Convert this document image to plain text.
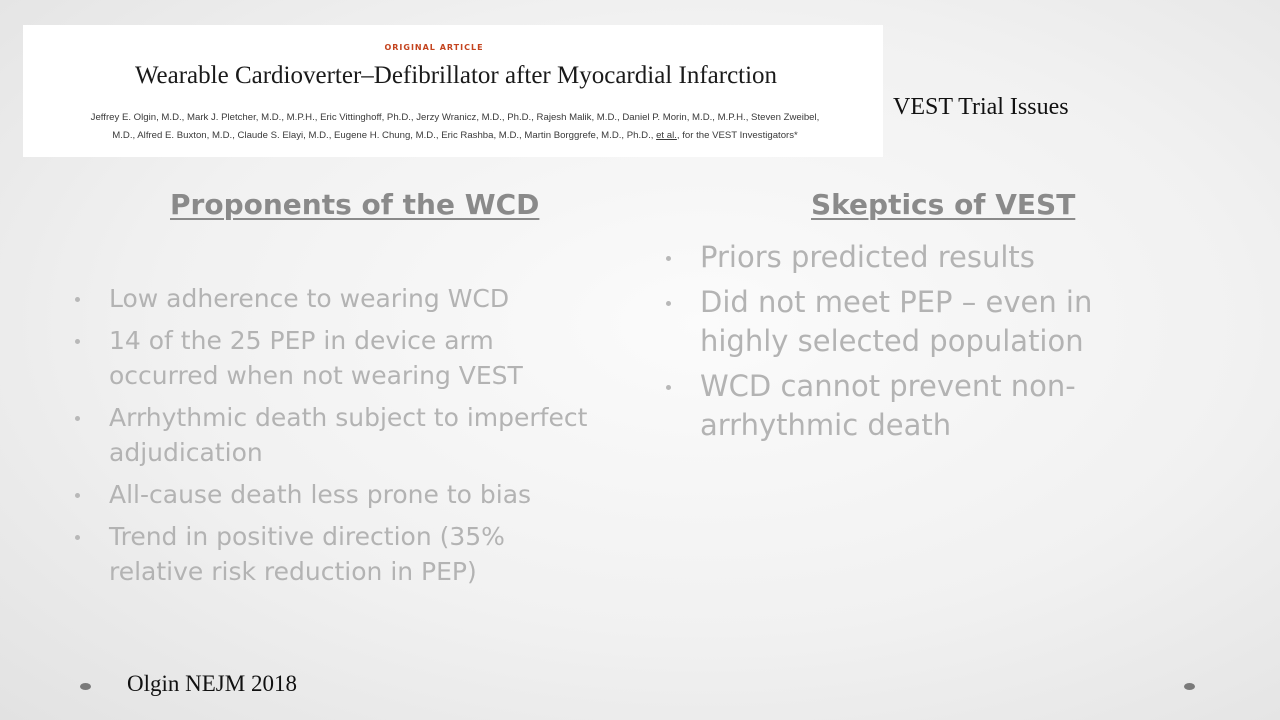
ORIGINAL ARTICLE
Wearable Cardioverter–Defibrillator after Myocardial Infarction
Jeffrey E. Olgin, M.D., Mark J. Pletcher, M.D., M.P.H., Eric Vittinghoff, Ph.D., Jerzy Wranicz, M.D., Ph.D., Rajesh Malik, M.D., Daniel P. Morin, M.D., M.P.H., Steven Zweibel,
M.D., Alfred E. Buxton, M.D., Claude S. Elayi, M.D., Eugene H. Chung, M.D., Eric Rashba, M.D., Martin Borggrefe, M.D., Ph.D., et al., for the VEST Investigators*
VEST Trial Issues
Proponents of the WCD	Skeptics of VEST
Low adherence to wearing WCD
14 of the 25 PEP in device arm occurred when not wearing VEST
Arrhythmic death subject to imperfect adjudication
All-cause death less prone to bias
Trend in positive direction (35% relative risk reduction in PEP)
Priors predicted results
Did not meet PEP – even in highly selected population
WCD cannot prevent non-arrhythmic death
Olgin NEJM 2018
